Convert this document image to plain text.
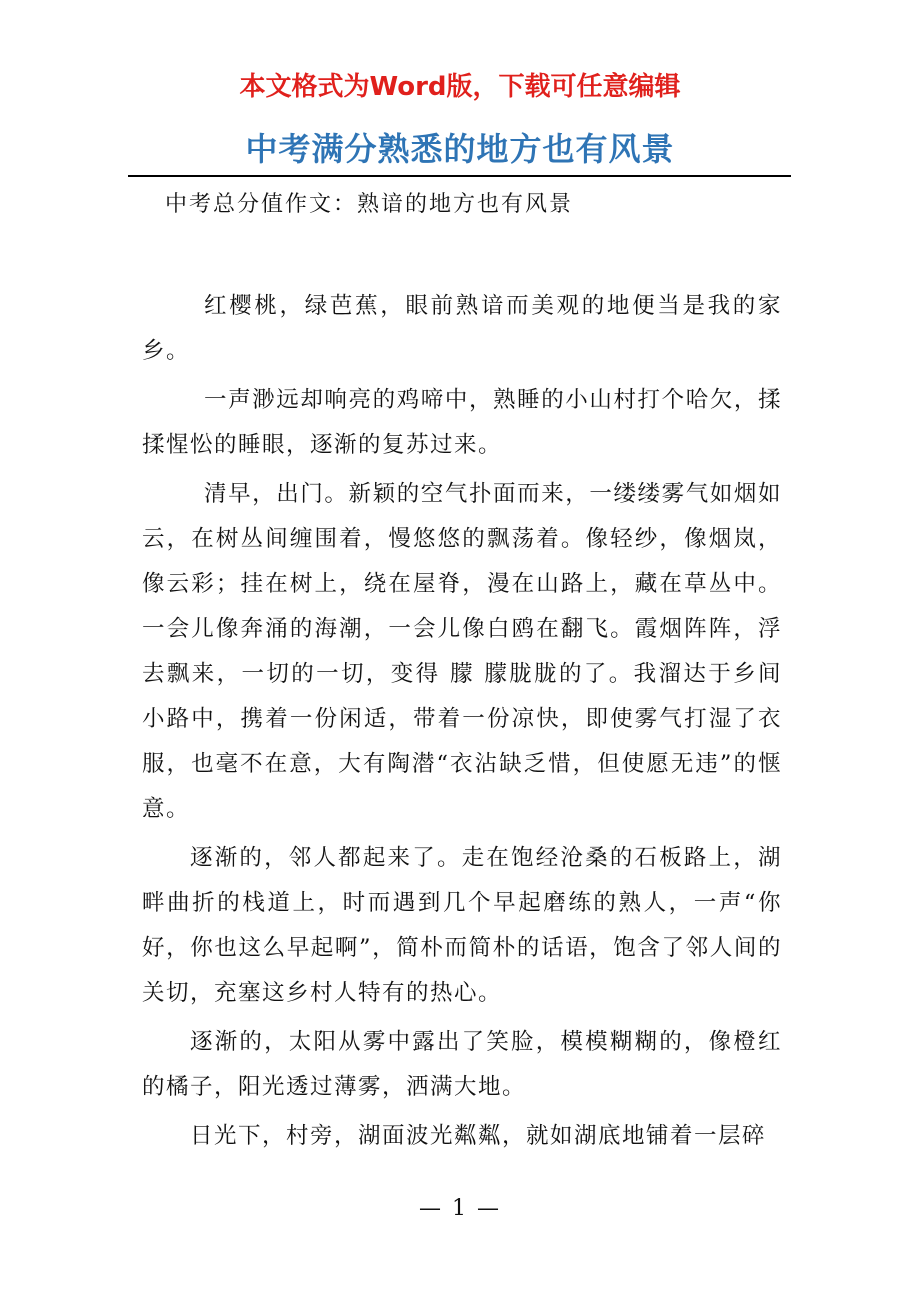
本文格式为Word版，下载可任意编辑
中考满分熟悉的地方也有风景
中考总分值作文：熟谙的地方也有风景

红樱桃，绿芭蕉，眼前熟谙而美观的地便当是我的家乡。

一声渺远却响亮的鸡啼中，熟睡的小山村打个哈欠，揉揉惺忪的睡眼，逐渐的复苏过来。

清早，出门。新颖的空气扑面而来，一缕缕雾气如烟如云，在树丛间缠围着，慢悠悠的飘荡着。像轻纱，像烟岚，像云彩；挂在树上，绕在屋脊，漫在山路上，藏在草丛中。一会儿像奔涌的海潮，一会儿像白鸥在翻飞。霞烟阵阵，浮去飘来，一切的一切，变得 朦 朦胧胧的了。我溜达于乡间小路中，携着一份闲适，带着一份凉快，即使雾气打湿了衣服，也毫不在意，大有陶潜“衣沾缺乏惜，但使愿无违”的惬意。

逐渐的，邻人都起来了。走在饱经沧桑的石板路上，湖畔曲折的栈道上，时而遇到几个早起磨练的熟人，一声“你好，你也这么早起啊”，简朴而简朴的话语，饱含了邻人间的关切，充塞这乡村人特有的热心。

逐渐的，太阳从雾中露出了笑脸，模模糊糊的，像橙红的橘子，阳光透过薄雾，洒满大地。

日光下，村旁，湖面波光粼粼，就如湖底地铺着一层碎

— 1 —
